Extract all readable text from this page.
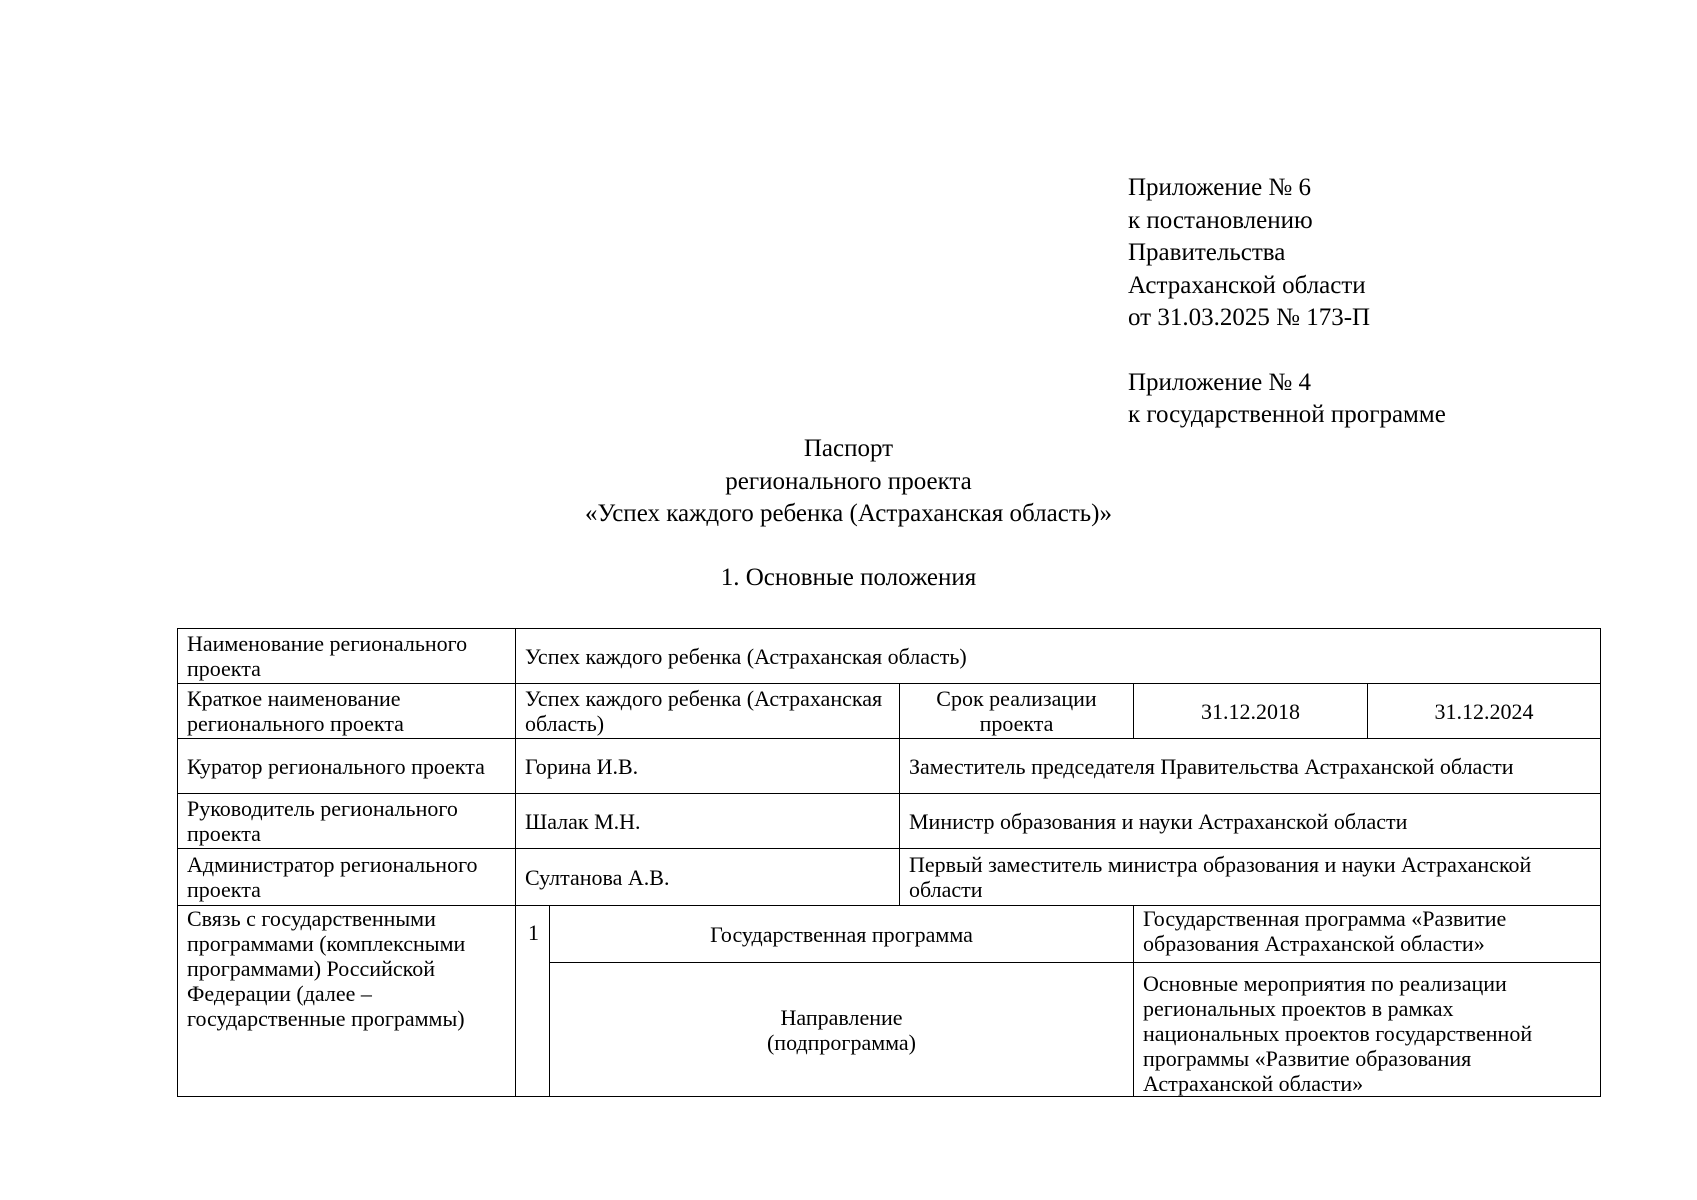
Приложение № 6
к постановлению
Правительства
Астраханской области
от 31.03.2025 № 173-П
Приложение № 4
к государственной программе
Паспорт
регионального проекта
«Успех каждого ребенка (Астраханская область)»
1. Основные положения
Наименование регионального проекта	Успех каждого ребенка (Астраханская область)				
Краткое наименование регионального проекта	Успех каждого ребенка (Астраханская область)		Срок реализации проекта	31.12.2018	31.12.2024
Куратор регионального проекта	Горина И.В.		Заместитель председателя Правительства Астраханской области		
Руководитель регионального проекта	Шалак М.Н.		Министр образования и науки Астраханской области		
Администратор регионального проекта	Султанова А.В.		Первый заместитель министра образования и науки Астраханской области		
Связь с государственными программами (комплексными программами) Российской Федерации (далее – государственные программы)	1	Государственная программа		Государственная программа «Развитие образования Астраханской области»	
		Направление (подпрограмма)		Основные мероприятия по реализации региональных проектов в рамках национальных проектов государственной программы «Развитие образования Астраханской области»	
